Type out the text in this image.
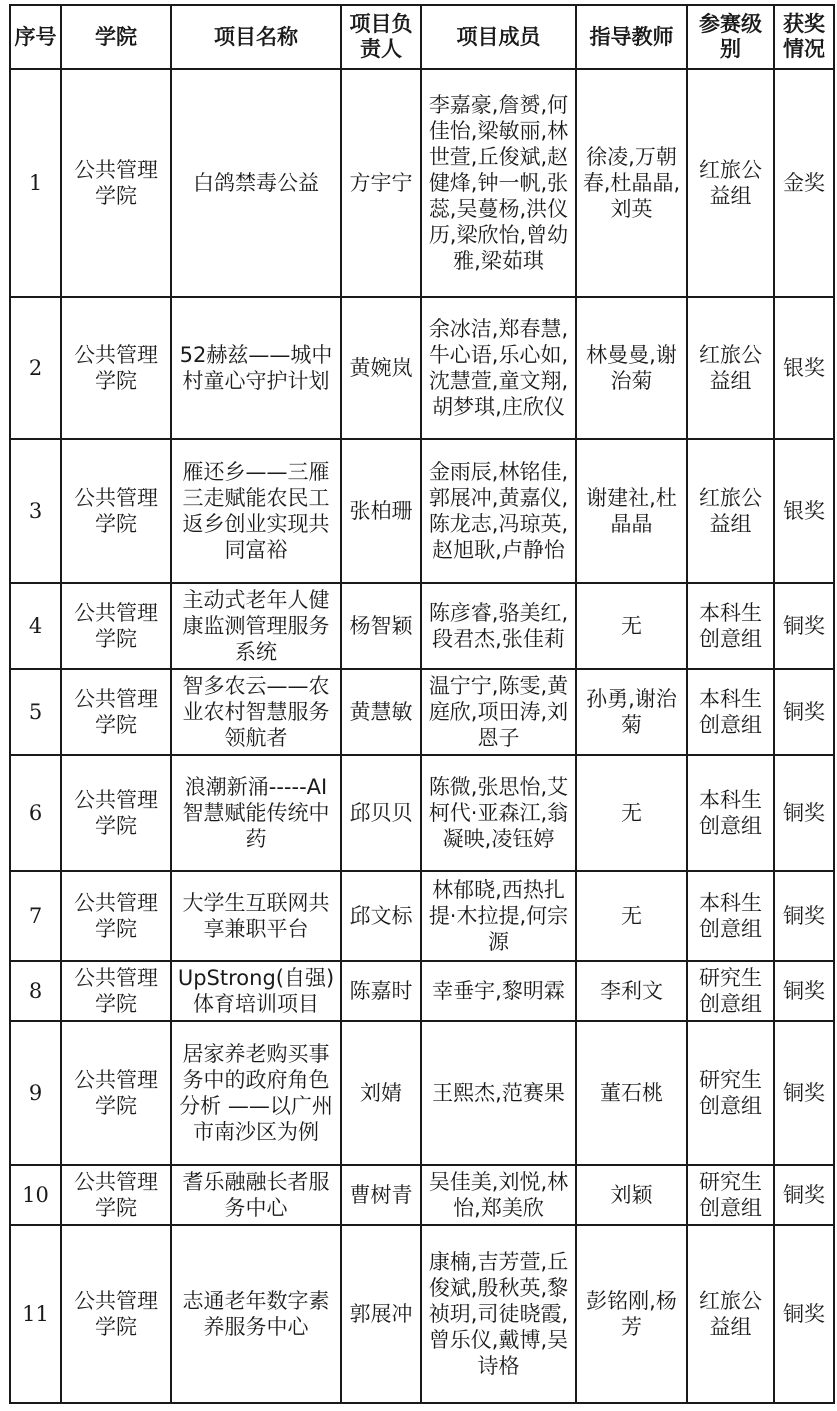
序号	学院	项目名称	项目负责人	项目成员	指导教师	参赛级别	获奖情况
1	公共管理学院	白鸽禁毒公益	方宇宁	李嘉豪,詹赟,何佳怡,梁敏丽,林世萱,丘俊斌,赵健烽,钟一帆,张蕊,吴蔓杨,洪仪历,梁欣怡,曾幼雅,梁茹琪	徐凌,万朝春,杜晶晶,刘英	红旅公益组	金奖
2	公共管理学院	52赫兹——城中村童心守护计划	黄婉岚	余冰洁,郑春慧,牛心语,乐心如,沈慧萱,童文翔,胡梦琪,庄欣仪	林曼曼,谢治菊	红旅公益组	银奖
3	公共管理学院	雁还乡——三雁三走赋能农民工返乡创业实现共同富裕	张柏珊	金雨辰,林铭佳,郭展冲,黄嘉仪,陈龙志,冯琼英,赵旭耿,卢静怡	谢建社,杜晶晶	红旅公益组	银奖
4	公共管理学院	主动式老年人健康监测管理服务系统	杨智颖	陈彦睿,骆美红,段君杰,张佳莉	无	本科生创意组	铜奖
5	公共管理学院	智多农云——农业农村智慧服务领航者	黄慧敏	温宁宁,陈雯,黄庭欣,项田涛,刘恩子	孙勇,谢治菊	本科生创意组	铜奖
6	公共管理学院	浪潮新涌-----AI智慧赋能传统中药	邱贝贝	陈微,张思怡,艾柯代·亚森江,翁凝映,凌钰婷	无	本科生创意组	铜奖
7	公共管理学院	大学生互联网共享兼职平台	邱文标	林郁晓,西热扎提·木拉提,何宗源	无	本科生创意组	铜奖
8	公共管理学院	UpStrong(自强)体育培训项目	陈嘉时	幸垂宇,黎明霖	李利文	研究生创意组	铜奖
9	公共管理学院	居家养老购买事务中的政府角色分析 ——以广州市南沙区为例	刘婧	王熙杰,范赛果	董石桃	研究生创意组	铜奖
10	公共管理学院	耆乐融融长者服务中心	曹树青	吴佳美,刘悦,林怡,郑美欣	刘颖	研究生创意组	铜奖
11	公共管理学院	志通老年数字素养服务中心	郭展冲	康楠,吉芳萱,丘俊斌,殷秋英,黎祯玥,司徒晓霞,曾乐仪,戴博,吴诗格	彭铭刚,杨芳	红旅公益组	铜奖
